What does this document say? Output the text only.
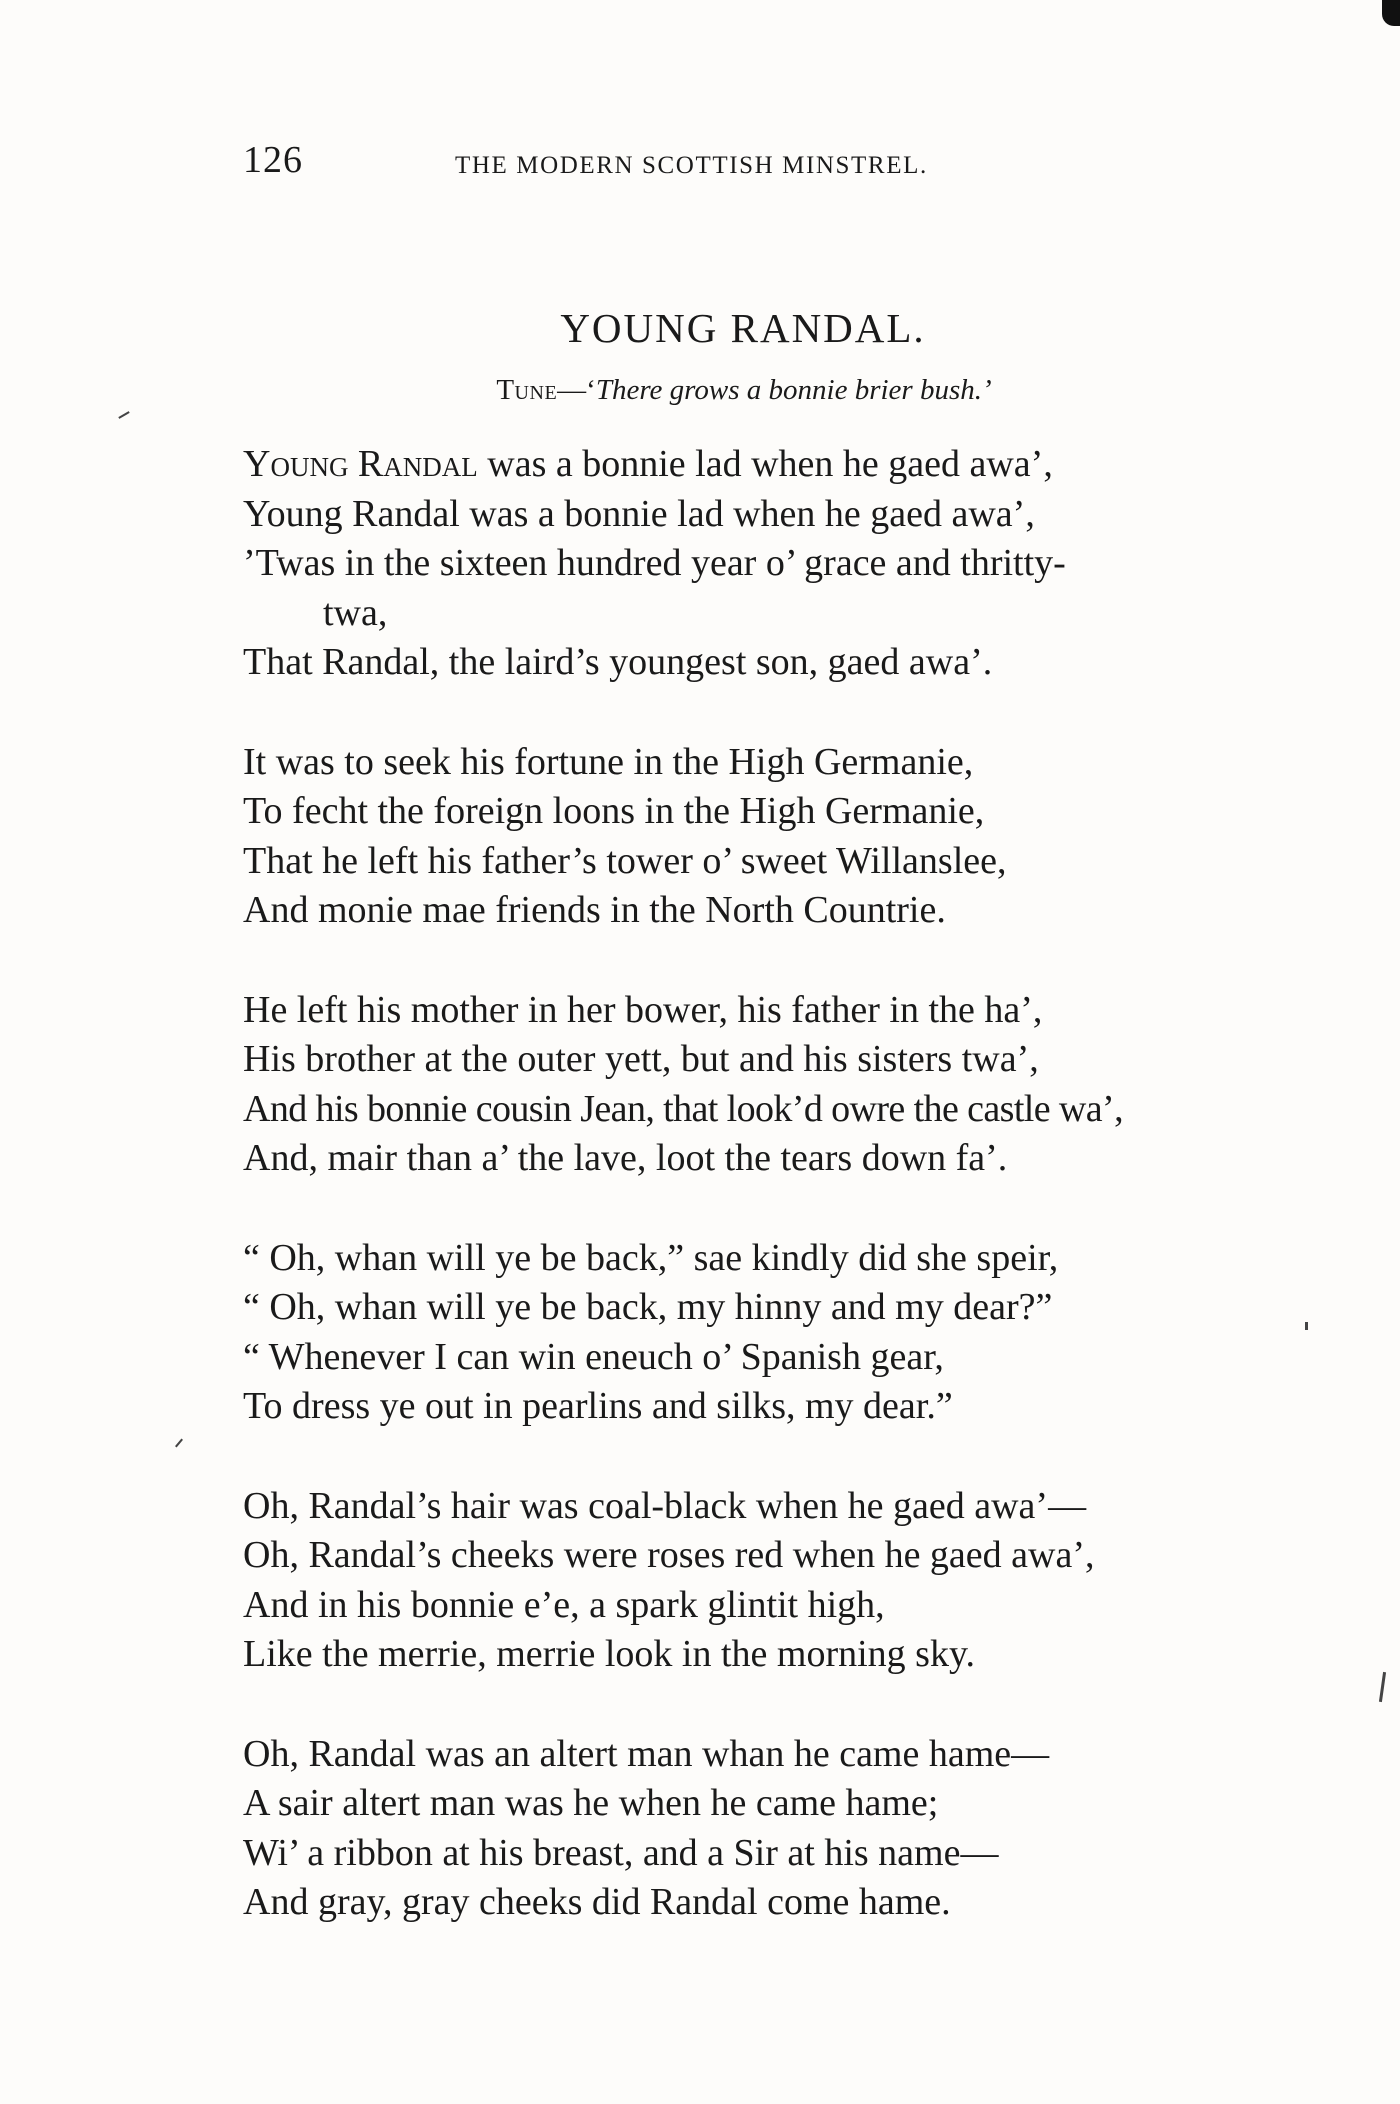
126	THE MODERN SCOTTISH MINSTREL.
YOUNG RANDAL.
Tune—‘There grows a bonnie brier bush.’
Young Randal was a bonnie lad when he gaed awa’,
Young Randal was a bonnie lad when he gaed awa’,
’Twas in the sixteen hundred year o’ grace and thritty-
twa,
That Randal, the laird’s youngest son, gaed awa’.
It was to seek his fortune in the High Germanie,
To fecht the foreign loons in the High Germanie,
That he left his father’s tower o’ sweet Willanslee,
And monie mae friends in the North Countrie.
He left his mother in her bower, his father in the ha’,
His brother at the outer yett, but and his sisters twa’,
And his bonnie cousin Jean, that look’d owre the castle wa’,
And, mair than a’ the lave, loot the tears down fa’.
“ Oh, whan will ye be back,” sae kindly did she speir,
“ Oh, whan will ye be back, my hinny and my dear?”
“ Whenever I can win eneuch o’ Spanish gear,
To dress ye out in pearlins and silks, my dear.”
Oh, Randal’s hair was coal-black when he gaed awa’—
Oh, Randal’s cheeks were roses red when he gaed awa’,
And in his bonnie e’e, a spark glintit high,
Like the merrie, merrie look in the morning sky.
Oh, Randal was an altert man whan he came hame—
A sair altert man was he when he came hame;
Wi’ a ribbon at his breast, and a Sir at his name—
And gray, gray cheeks did Randal come hame.
